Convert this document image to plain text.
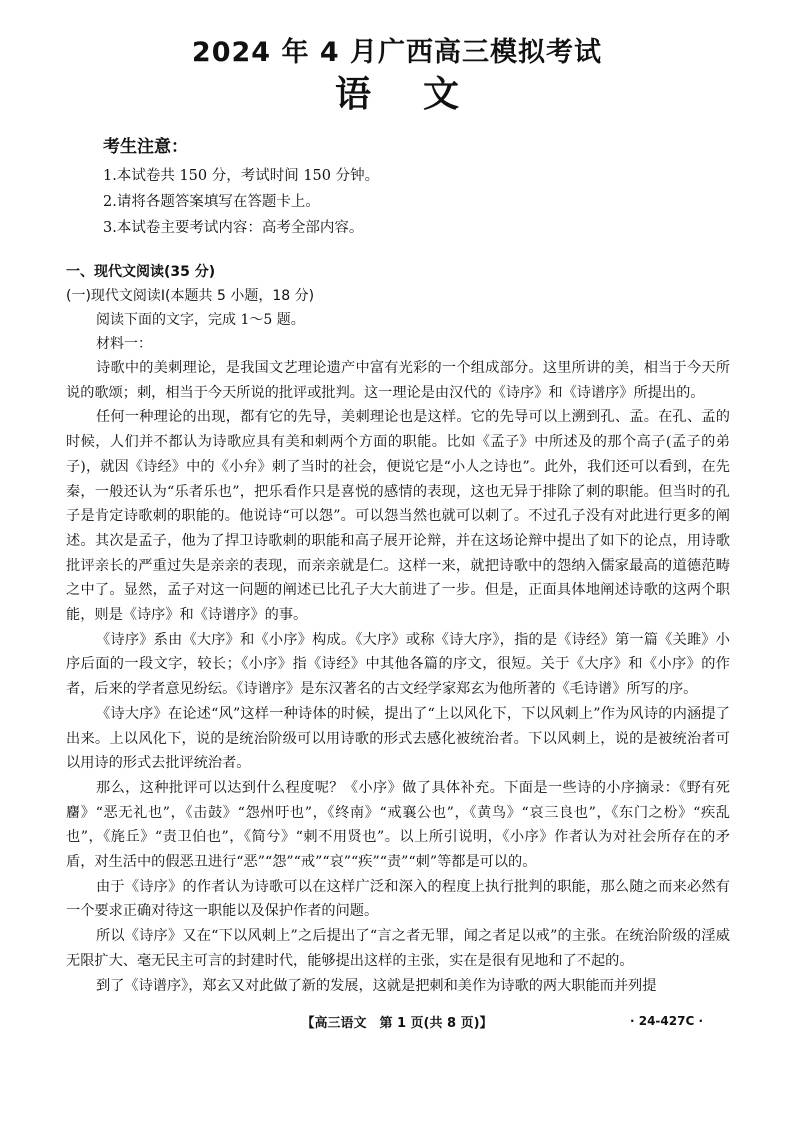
2024 年 4 月广西高三模拟考试
语文
考生注意：
1.本试卷共 150 分，考试时间 150 分钟。
2.请将各题答案填写在答题卡上。
3.本试卷主要考试内容：高考全部内容。
一、现代文阅读(35 分)
(一)现代文阅读Ⅰ(本题共 5 小题，18 分)
阅读下面的文字，完成 1～5 题。
材料一：

诗歌中的美刺理论，是我国文艺理论遗产中富有光彩的一个组成部分。这里所讲的美，相当于今天所说的歌颂；刺，相当于今天所说的批评或批判。这一理论是由汉代的《诗序》和《诗谱序》所提出的。

任何一种理论的出现，都有它的先导，美刺理论也是这样。它的先导可以上溯到孔、孟。在孔、孟的时候，人们并不都认为诗歌应具有美和刺两个方面的职能。比如《孟子》中所述及的那个高子(孟子的弟子)，就因《诗经》中的《小弁》刺了当时的社会，便说它是“小人之诗也”。此外，我们还可以看到，在先秦，一般还认为“乐者乐也”，把乐看作只是喜悦的感情的表现，这也无异于排除了刺的职能。但当时的孔子是肯定诗歌刺的职能的。他说诗“可以怨”。可以怨当然也就可以刺了。不过孔子没有对此进行更多的阐述。其次是孟子，他为了捍卫诗歌刺的职能和高子展开论辩，并在这场论辩中提出了如下的论点，用诗歌批评亲长的严重过失是亲亲的表现，而亲亲就是仁。这样一来，就把诗歌中的怨纳入儒家最高的道德范畴之中了。显然，孟子对这一问题的阐述已比孔子大大前进了一步。但是，正面具体地阐述诗歌的这两个职能，则是《诗序》和《诗谱序》的事。

《诗序》系由《大序》和《小序》构成。《大序》或称《诗大序》，指的是《诗经》第一篇《关雎》小序后面的一段文字，较长；《小序》指《诗经》中其他各篇的序文，很短。关于《大序》和《小序》的作者，后来的学者意见纷纭。《诗谱序》是东汉著名的古文经学家郑玄为他所著的《毛诗谱》所写的序。

《诗大序》在论述“风”这样一种诗体的时候，提出了“上以风化下，下以风刺上”作为风诗的内涵提了出来。上以风化下，说的是统治阶级可以用诗歌的形式去感化被统治者。下以风刺上，说的是被统治者可以用诗的形式去批评统治者。

那么，这种批评可以达到什么程度呢？《小序》做了具体补充。下面是一些诗的小序摘录：《野有死麕》“恶无礼也”，《击鼓》“怨州吁也”，《终南》“戒襄公也”，《黄鸟》“哀三良也”，《东门之枌》“疾乱也”，《旄丘》“责卫伯也”，《简兮》“刺不用贤也”。以上所引说明，《小序》作者认为对社会所存在的矛盾，对生活中的假恶丑进行“恶”“怨”“戒”“哀”“疾”“责”“刺”等都是可以的。

由于《诗序》的作者认为诗歌可以在这样广泛和深入的程度上执行批判的职能，那么随之而来必然有一个要求正确对待这一职能以及保护作者的问题。

所以《诗序》又在“下以风刺上”之后提出了“言之者无罪，闻之者足以戒”的主张。在统治阶级的淫威无限扩大、毫无民主可言的封建时代，能够提出这样的主张，实在是很有见地和了不起的。

到了《诗谱序》，郑玄又对此做了新的发展，这就是把刺和美作为诗歌的两大职能而并列提

【高三语文　第 1 页(共 8 页)】	· 24-427C ·
